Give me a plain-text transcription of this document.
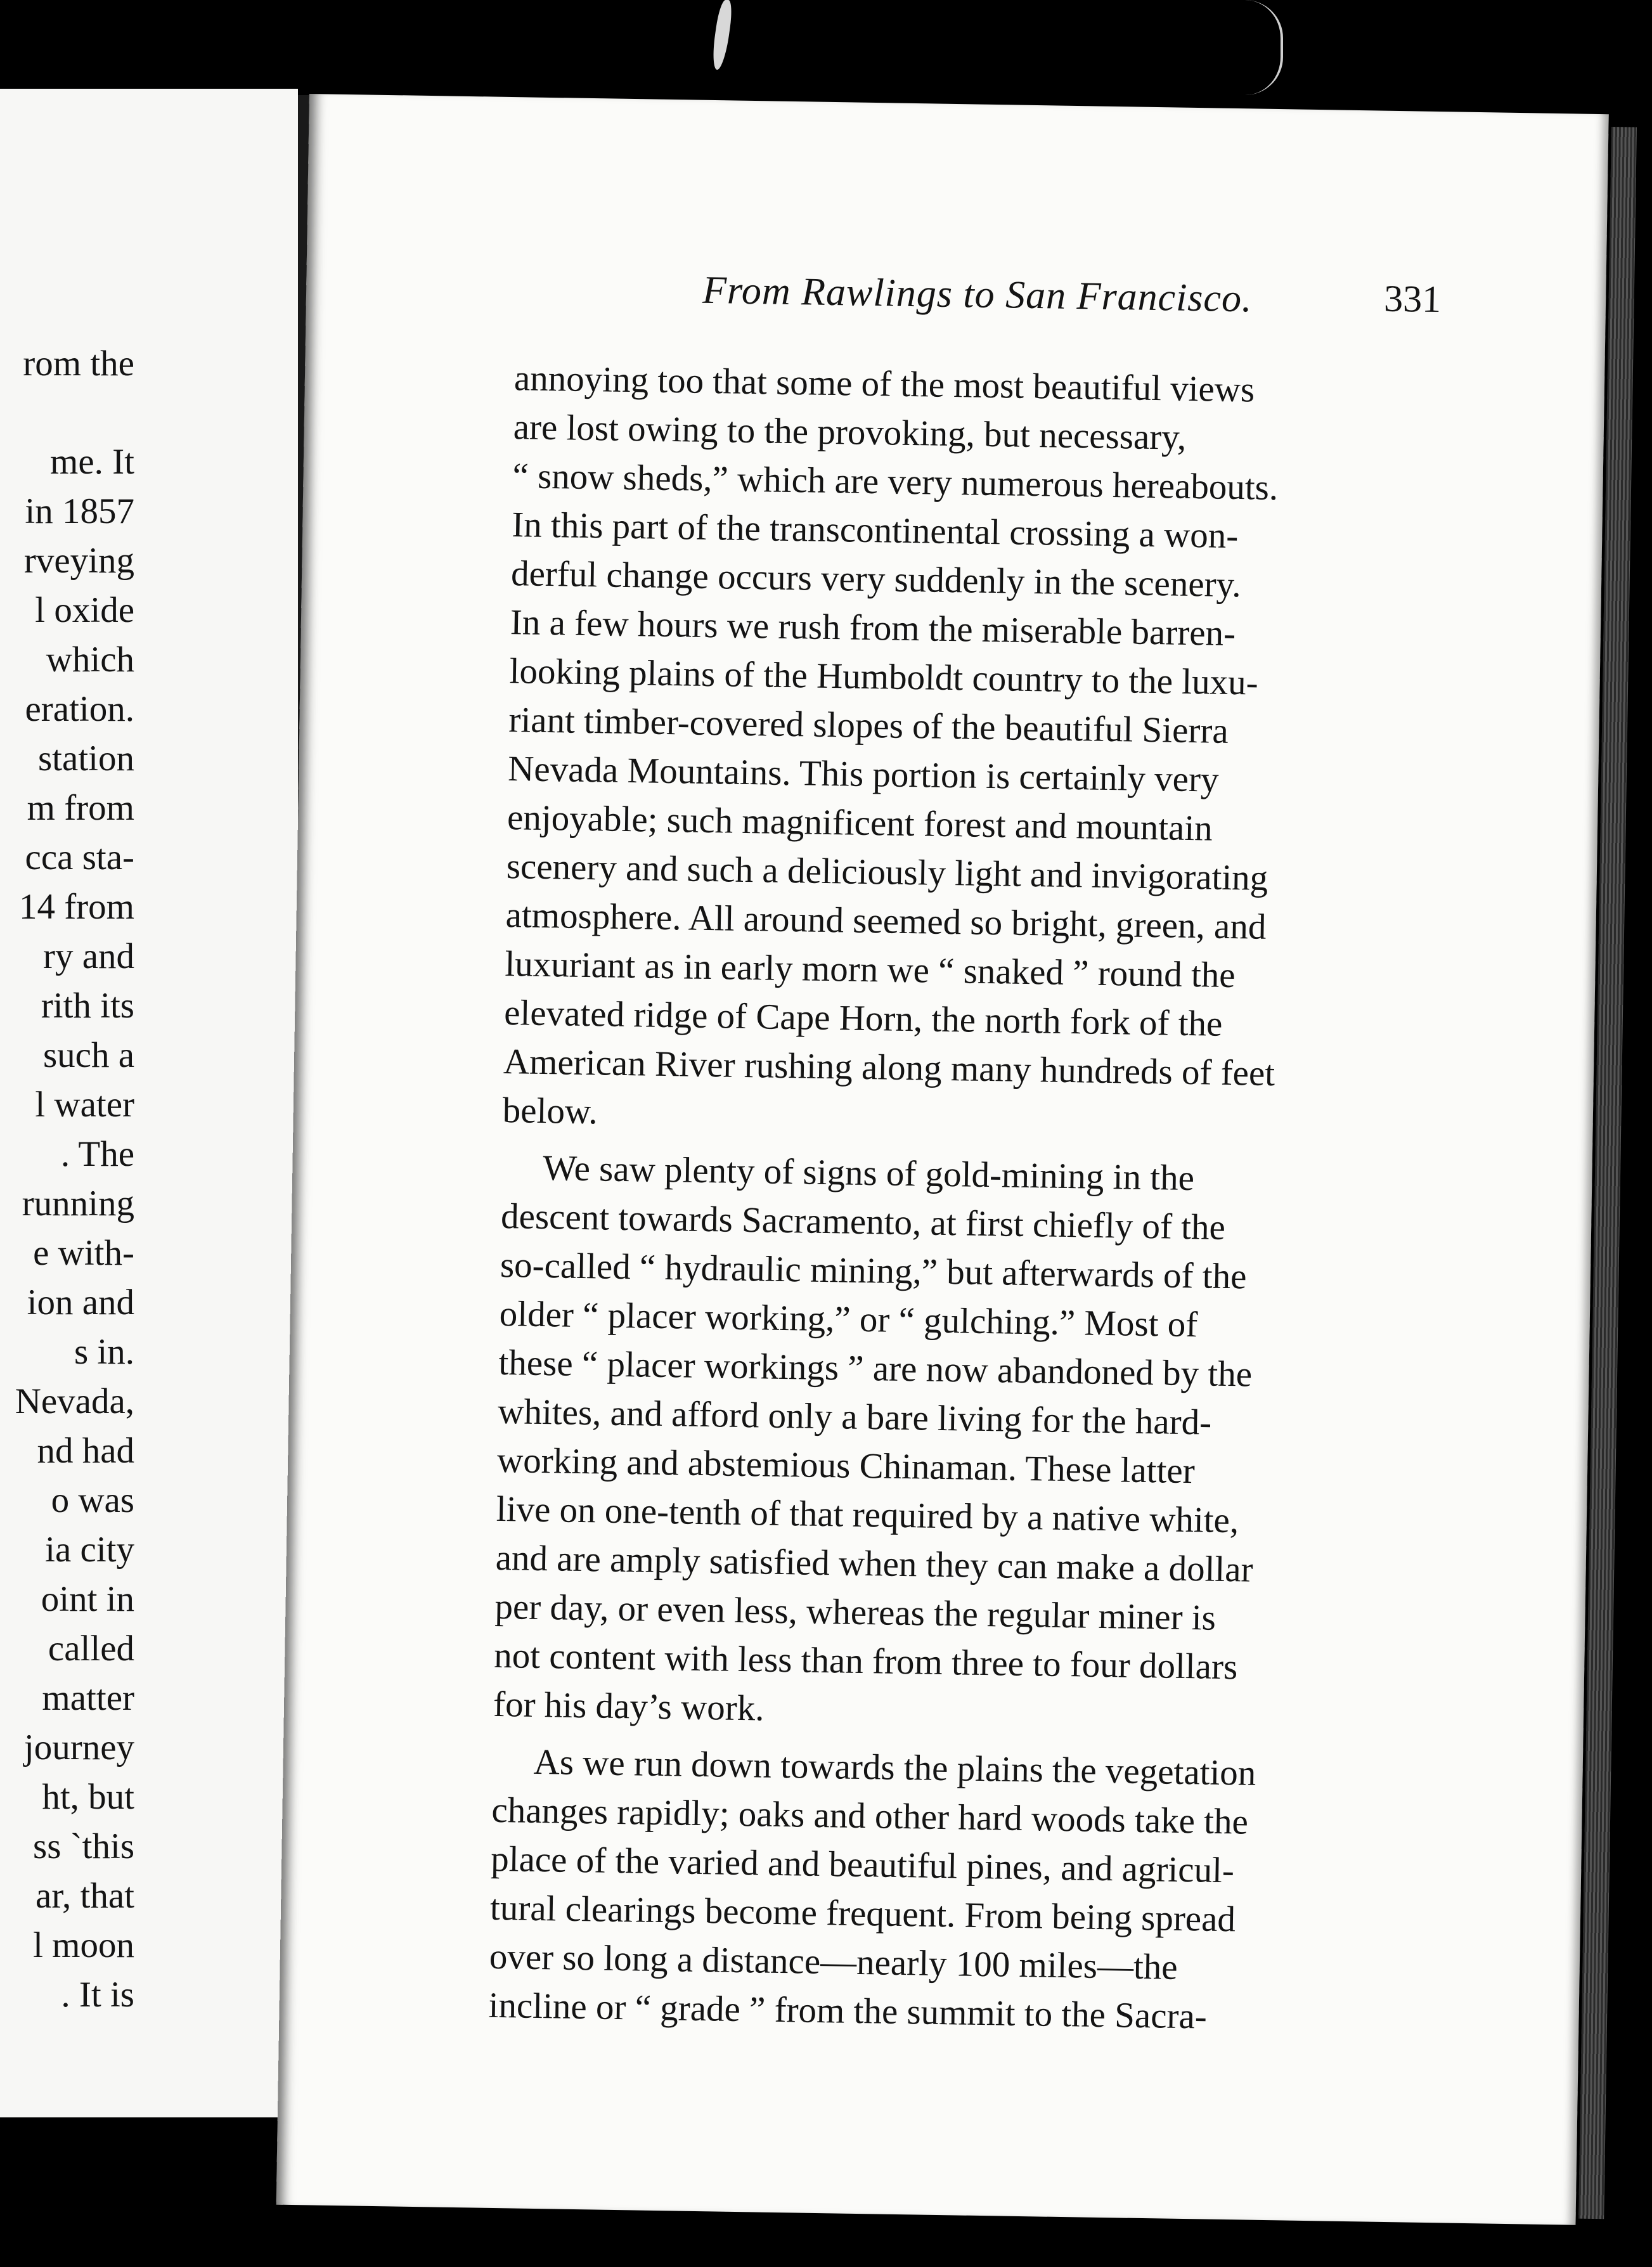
rom the
me. It
in 1857
rveying
l oxide
which
eration.
station
m from
cca sta-
14 from
ry and
rith its
such a
l water
. The
running
e with-
ion and
s in.
Nevada,
nd had
o was
ia city
oint in
called
matter
journey
ht, but
ss `this
ar, that
l moon
. It is
From Rawlings to San Francisco.	331
annoying too that some of the most beautiful views
are lost owing to the provoking, but necessary,
“ snow sheds,” which are very numerous hereabouts.
In this part of the transcontinental crossing a won-
derful change occurs very suddenly in the scenery.
In a few hours we rush from the miserable barren-
looking plains of the Humboldt country to the luxu-
riant timber-covered slopes of the beautiful Sierra
Nevada Mountains. This portion is certainly very
enjoyable; such magnificent forest and mountain
scenery and such a deliciously light and invigorating
atmosphere. All around seemed so bright, green, and
luxuriant as in early morn we “ snaked ” round the
elevated ridge of Cape Horn, the north fork of the
American River rushing along many hundreds of feet
below.
We saw plenty of signs of gold-mining in the
descent towards Sacramento, at first chiefly of the
so-called “ hydraulic mining,” but afterwards of the
older “ placer working,” or “ gulching.” Most of
these “ placer workings ” are now abandoned by the
whites, and afford only a bare living for the hard-
working and abstemious Chinaman. These latter
live on one-tenth of that required by a native white,
and are amply satisfied when they can make a dollar
per day, or even less, whereas the regular miner is
not content with less than from three to four dollars
for his day’s work.
As we run down towards the plains the vegetation
changes rapidly; oaks and other hard woods take the
place of the varied and beautiful pines, and agricul-
tural clearings become frequent. From being spread
over so long a distance—nearly 100 miles—the
incline or “ grade ” from the summit to the Sacra-
